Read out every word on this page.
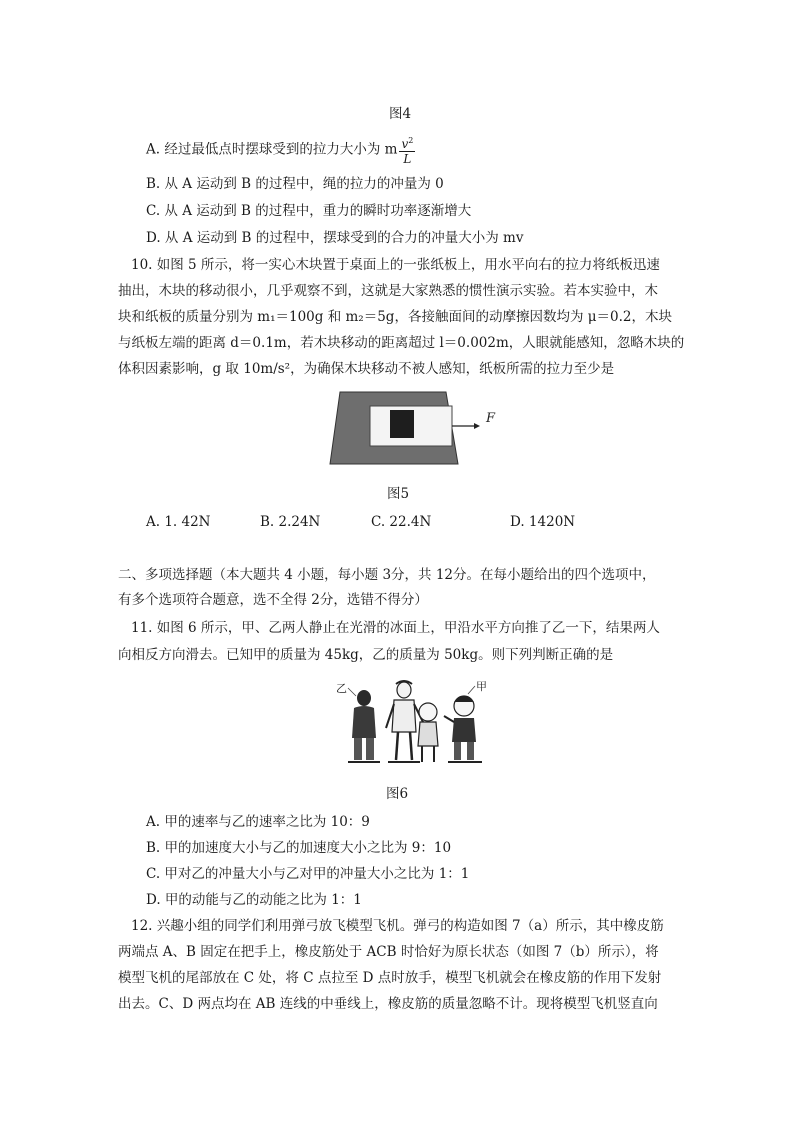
图4
A. 经过最低点时摆球受到的拉力大小为 m $\frac{v^2}{L}$
B. 从 A 运动到 B 的过程中，绳的拉力的冲量为 0
C. 从 A 运动到 B 的过程中，重力的瞬时功率逐渐增大
D. 从 A 运动到 B 的过程中，摆球受到的合力的冲量大小为 mv
10. 如图 5 所示，将一实心木块置于桌面上的一张纸板上，用水平向右的拉力将纸板迅速
抽出，木块的移动很小，几乎观察不到，这就是大家熟悉的惯性演示实验。若本实验中，木
块和纸板的质量分别为 m₁＝100g 和 m₂＝5g，各接触面间的动摩擦因数均为 μ＝0.2，木块
与纸板左端的距离 d＝0.1m，若木块移动的距离超过 l＝0.002m，人眼就能感知，忽略木块的
体积因素影响，g 取 10m/s²，为确保木块移动不被人感知，纸板所需的拉力至少是
F
图5
A. 1. 42N	B. 2.24N	C. 22.4N	D. 1420N
二、多项选择题（本大题共 4 小题，每小题 3分，共 12分。在每小题给出的四个选项中，
有多个选项符合题意，选不全得 2分，选错不得分）
11. 如图 6 所示，甲、乙两人静止在光滑的冰面上，甲沿水平方向推了乙一下，结果两人
向相反方向滑去。已知甲的质量为 45kg，乙的质量为 50kg。则下列判断正确的是
乙	甲
图6
A. 甲的速率与乙的速率之比为 10：9
B. 甲的加速度大小与乙的加速度大小之比为 9：10
C. 甲对乙的冲量大小与乙对甲的冲量大小之比为 1：1
D. 甲的动能与乙的动能之比为 1：1
12. 兴趣小组的同学们利用弹弓放飞模型飞机。弹弓的构造如图 7（a）所示，其中橡皮筋
两端点 A、B 固定在把手上，橡皮筋处于 ACB 时恰好为原长状态（如图 7（b）所示），将
模型飞机的尾部放在 C 处，将 C 点拉至 D 点时放手，模型飞机就会在橡皮筋的作用下发射
出去。C、D 两点均在 AB 连线的中垂线上，橡皮筋的质量忽略不计。现将模型飞机竖直向
